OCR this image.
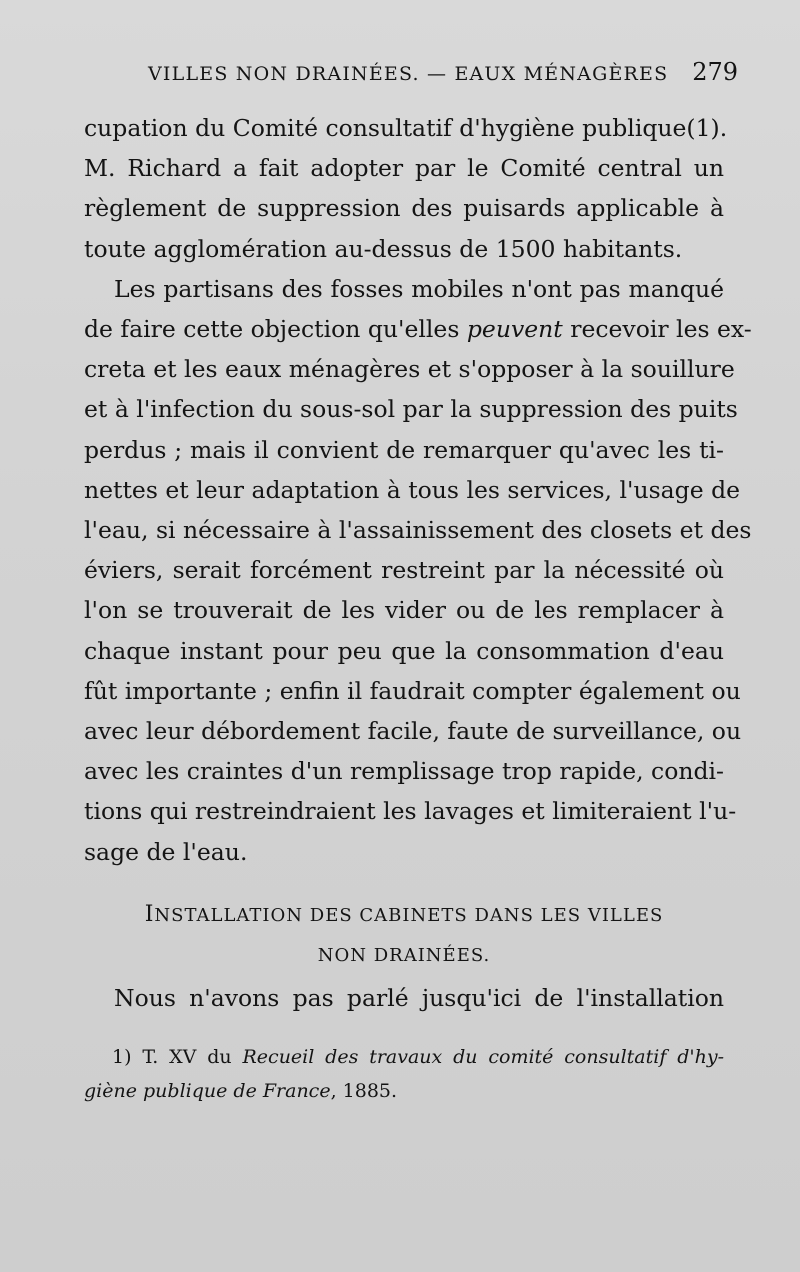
VILLES NON DRAINÉES. — EAUX MÉNAGÈRES 279
cupation du Comité consultatif d'hygiène publique(1).
M. Richard a fait adopter par le Comité central un
règlement de suppression des puisards applicable à
toute agglomération au-dessus de 1500 habitants.
Les partisans des fosses mobiles n'ont pas manqué
de faire cette objection qu'elles peuvent recevoir les ex-
creta et les eaux ménagères et s'opposer à la souillure
et à l'infection du sous-sol par la suppression des puits
perdus ; mais il convient de remarquer qu'avec les ti-
nettes et leur adaptation à tous les services, l'usage de
l'eau, si nécessaire à l'assainissement des closets et des
éviers, serait forcément restreint par la nécessité où
l'on se trouverait de les vider ou de les remplacer à
chaque instant pour peu que la consommation d'eau
fût importante ; enfin il faudrait compter également ou
avec leur débordement facile, faute de surveillance, ou
avec les craintes d'un remplissage trop rapide, condi-
tions qui restreindraient les lavages et limiteraient l'u-
sage de l'eau.
INSTALLATION DES CABINETS DANS LES VILLES
NON DRAINÉES.
Nous n'avons pas parlé jusqu'ici de l'installation
1) T. XV du Recueil des travaux du comité consultatif d'hy-
giène publique de France, 1885.
